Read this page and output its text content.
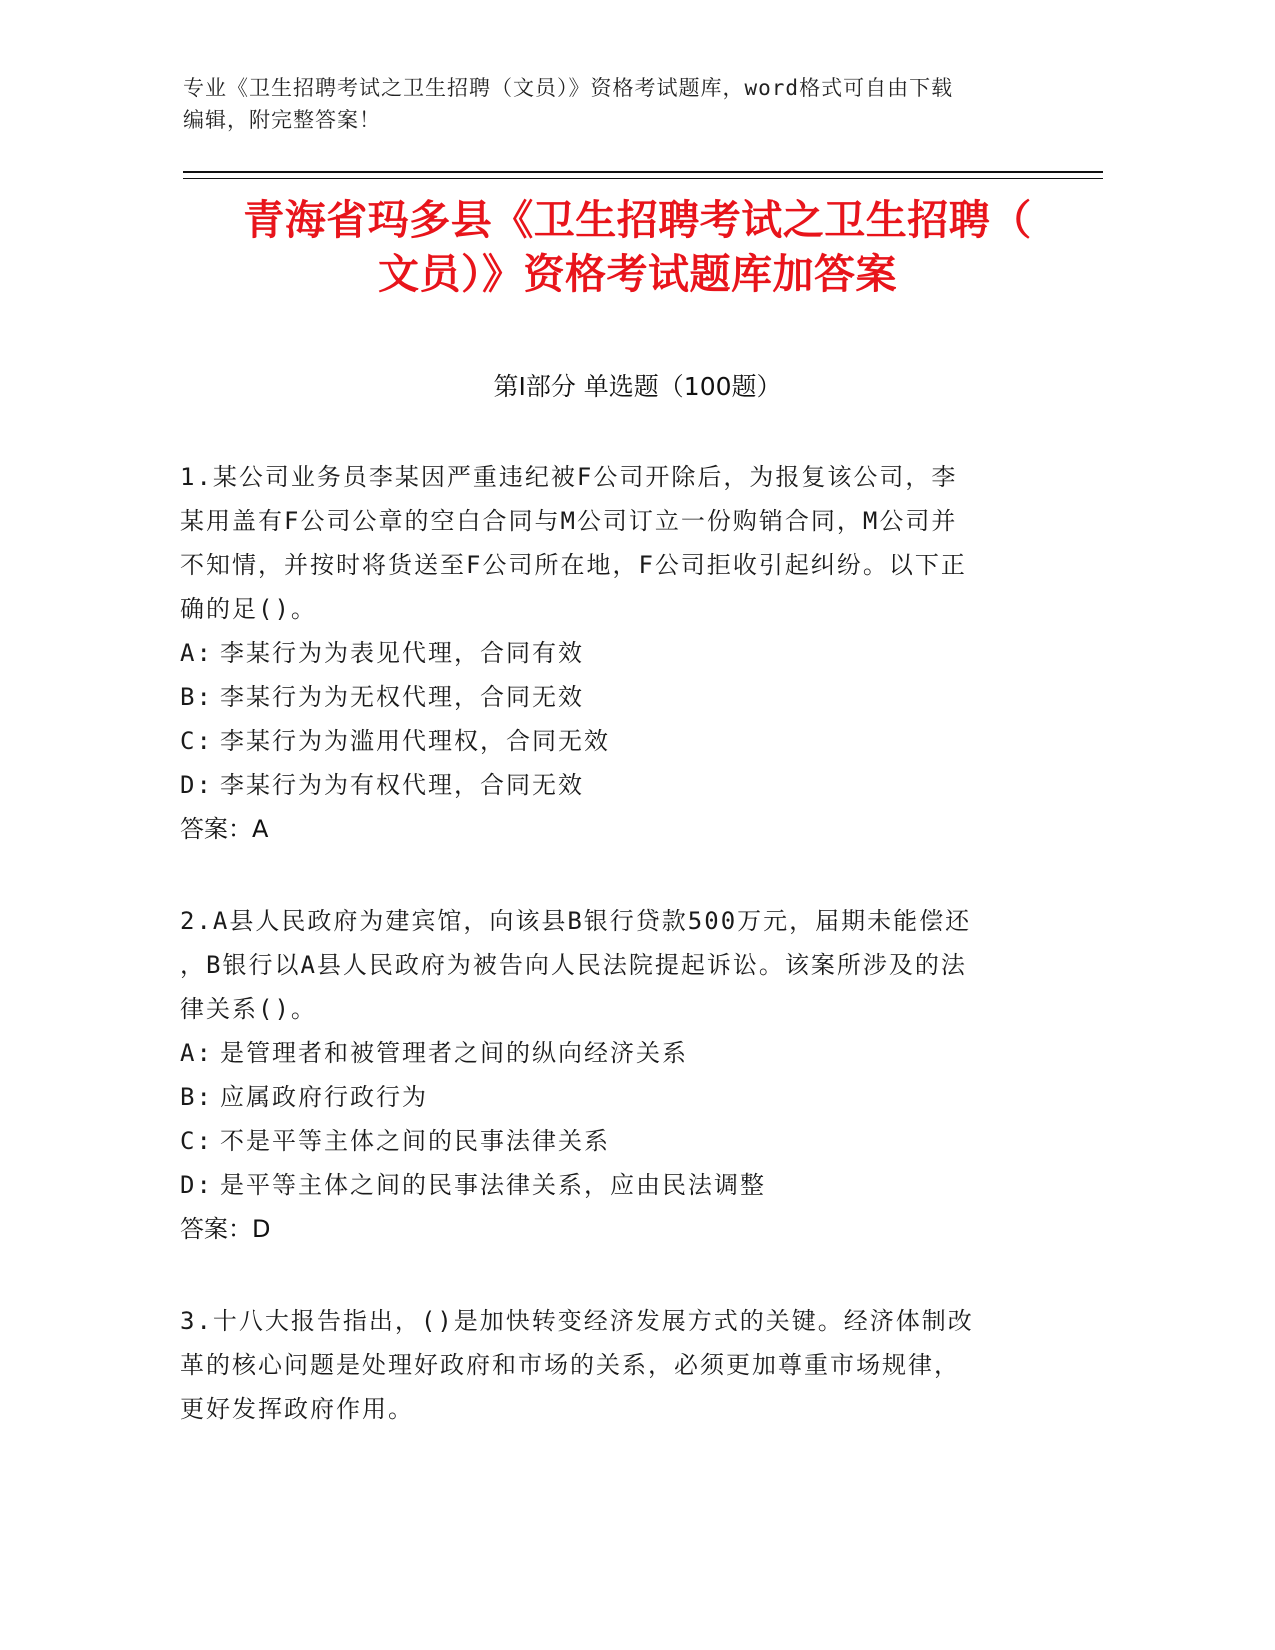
专业《卫生招聘考试之卫生招聘（文员）》资格考试题库，word格式可自由下载
编辑，附完整答案！
青海省玛多县《卫生招聘考试之卫生招聘（
文员）》资格考试题库加答案
第Ⅰ部分 单选题（100题）

1.某公司业务员李某因严重违纪被F公司开除后，为报复该公司，李

某用盖有F公司公章的空白合同与M公司订立一份购销合同，M公司并

不知情，并按时将货送至F公司所在地，F公司拒收引起纠纷。以下正

确的足()。

A: 李某行为为表见代理，合同有效
B: 李某行为为无权代理，合同无效
C: 李某行为为滥用代理权，合同无效
D: 李某行为为有权代理，合同无效
答案：A

2.A县人民政府为建宾馆，向该县B银行贷款500万元，届期未能偿还

，B银行以A县人民政府为被告向人民法院提起诉讼。该案所涉及的法

律关系()。

A: 是管理者和被管理者之间的纵向经济关系
B: 应属政府行政行为
C: 不是平等主体之间的民事法律关系
D: 是平等主体之间的民事法律关系，应由民法调整
答案：D

3.十八大报告指出，()是加快转变经济发展方式的关键。经济体制改

革的核心问题是处理好政府和市场的关系，必须更加尊重市场规律，

更好发挥政府作用。
